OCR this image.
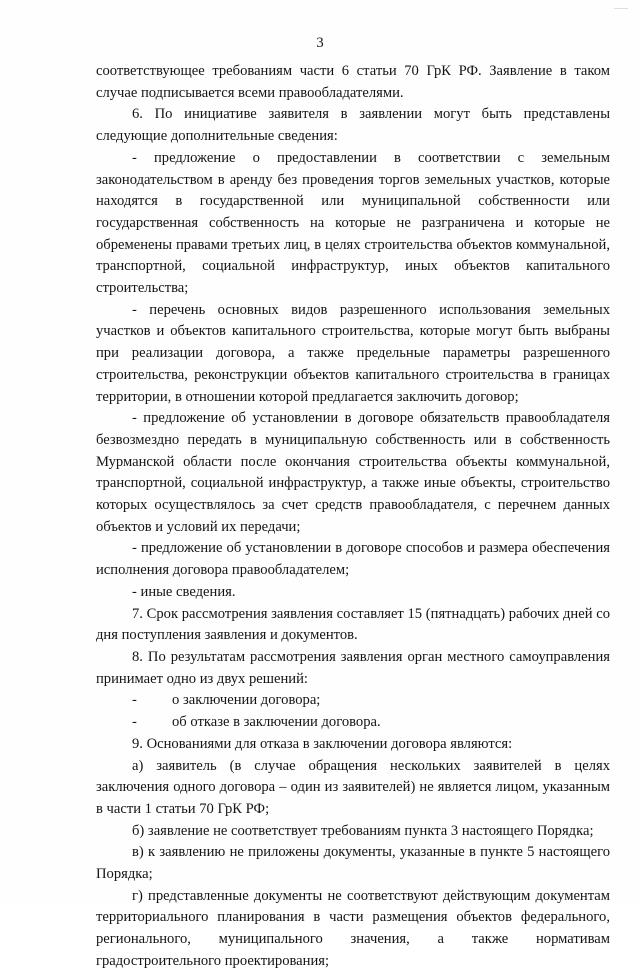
3

соответствующее требованиям части 6 статьи 70 ГрК РФ. Заявление в таком случае подписывается всеми правообладателями.

6. По инициативе заявителя в заявлении могут быть представлены следующие дополнительные сведения:

- предложение о предоставлении в соответствии с земельным законодательством в аренду без проведения торгов земельных участков, которые находятся в государственной или муниципальной собственности или государственная собственность на которые не разграничена и которые не обременены правами третьих лиц, в целях строительства объектов коммунальной, транспортной, социальной инфраструктур, иных объектов капитального строительства;

- перечень основных видов разрешенного использования земельных участков и объектов капитального строительства, которые могут быть выбраны при реализации договора, а также предельные параметры разрешенного строительства, реконструкции объектов капитального строительства в границах территории, в отношении которой предлагается заключить договор;

- предложение об установлении в договоре обязательств правообладателя безвозмездно передать в муниципальную собственность или в собственность Мурманской области после окончания строительства объекты коммунальной, транспортной, социальной инфраструктур, а также иные объекты, строительство которых осуществлялось за счет средств правообладателя, с перечнем данных объектов и условий их передачи;

- предложение об установлении в договоре способов и размера обеспечения исполнения договора правообладателем;

- иные сведения.

7. Срок рассмотрения заявления составляет 15 (пятнадцать) рабочих дней со дня поступления заявления и документов.

8. По результатам рассмотрения заявления орган местного самоуправления принимает одно из двух решений:

- о заключении договора;

- об отказе в заключении договора.

9. Основаниями для отказа в заключении договора являются:

а) заявитель (в случае обращения нескольких заявителей в целях заключения одного договора – один из заявителей) не является лицом, указанным в части 1 статьи 70 ГрК РФ;

б) заявление не соответствует требованиям пункта 3 настоящего Порядка;

в) к заявлению не приложены документы, указанные в пункте 5 настоящего Порядка;

г) представленные документы не соответствуют действующим документам территориального планирования в части размещения объектов федерального, регионального, муниципального значения, а также нормативам градостроительного проектирования;
